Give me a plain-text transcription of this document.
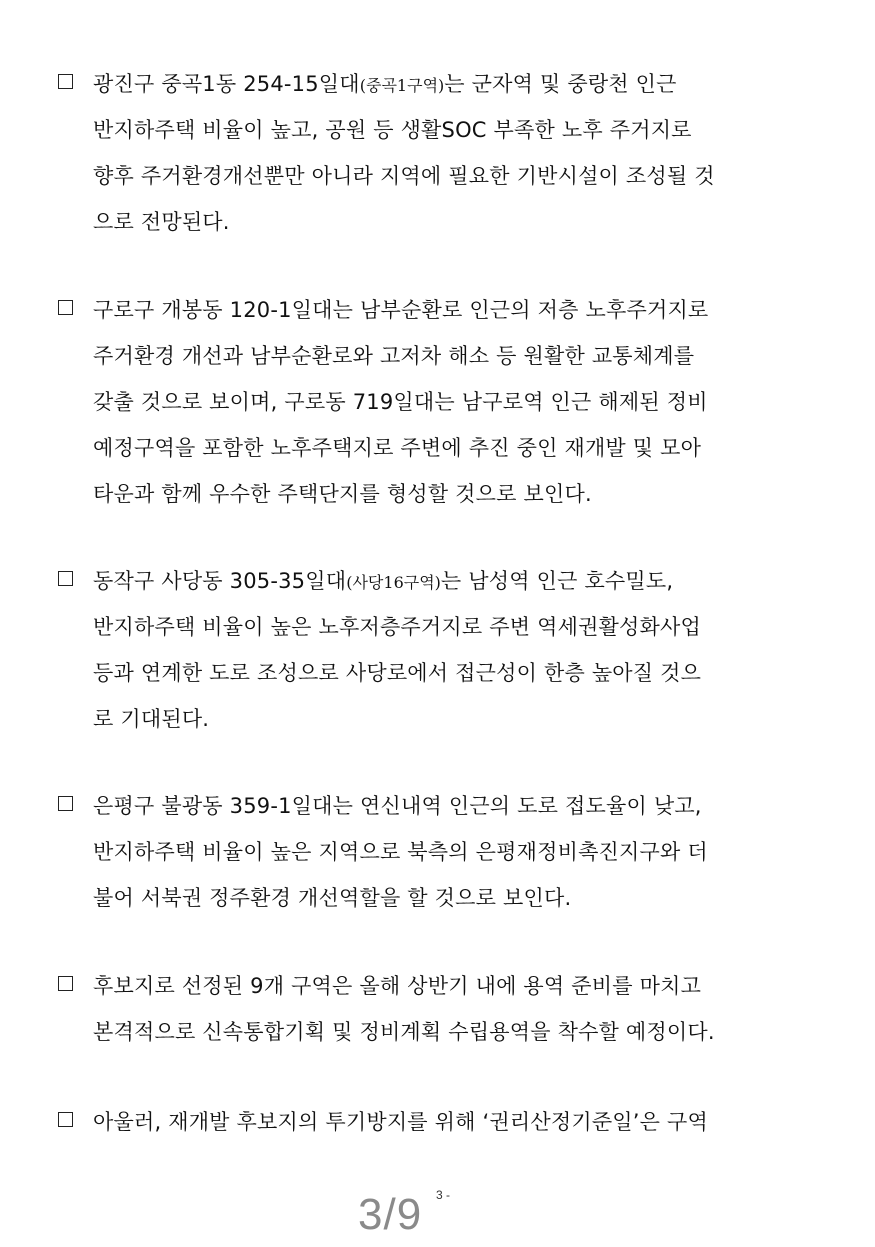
광진구 중곡1동 254-15일대(중곡1구역)는 군자역 및 중랑천 인근
반지하주택 비율이 높고, 공원 등 생활SOC 부족한 노후 주거지로
향후 주거환경개선뿐만 아니라 지역에 필요한 기반시설이 조성될 것
으로 전망된다.
구로구 개봉동 120-1일대는 남부순환로 인근의 저층 노후주거지로
주거환경 개선과 남부순환로와 고저차 해소 등 원활한 교통체계를
갖출 것으로 보이며, 구로동 719일대는 남구로역 인근 해제된 정비
예정구역을 포함한 노후주택지로 주변에 추진 중인 재개발 및 모아
타운과 함께 우수한 주택단지를 형성할 것으로 보인다.
동작구 사당동 305-35일대(사당16구역)는 남성역 인근 호수밀도,
반지하주택 비율이 높은 노후저층주거지로 주변 역세권활성화사업
등과 연계한 도로 조성으로 사당로에서 접근성이 한층 높아질 것으
로 기대된다.
은평구 불광동 359-1일대는 연신내역 인근의 도로 접도율이 낮고,
반지하주택 비율이 높은 지역으로 북측의 은평재정비촉진지구와 더
불어 서북권 정주환경 개선역할을 할 것으로 보인다.
후보지로 선정된 9개 구역은 올해 상반기 내에 용역 준비를 마치고
본격적으로 신속통합기획 및 정비계획 수립용역을 착수할 예정이다.
아울러, 재개발 후보지의 투기방지를 위해 ‘권리산정기준일’은 구역
3/9 3 -
